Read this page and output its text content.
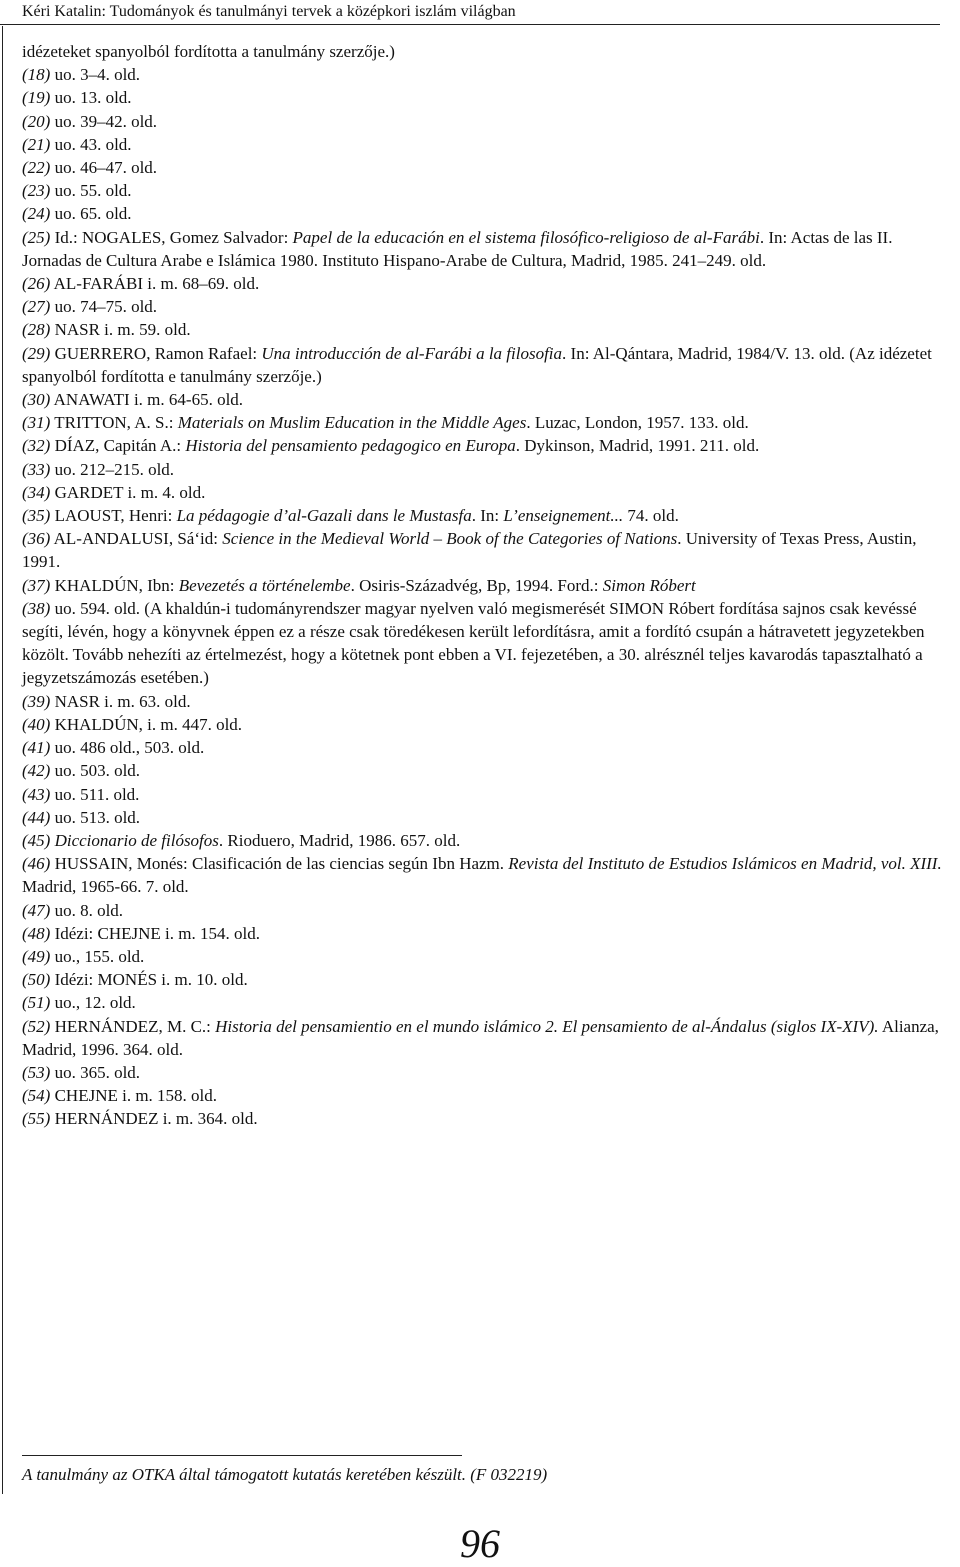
Kéri Katalin: Tudományok és tanulmányi tervek a középkori iszlám világban

idézeteket spanyolból fordította a tanulmány szerzője.)

(18) uo. 3–4. old.

(19) uo. 13. old.

(20) uo. 39–42. old.

(21) uo. 43. old.

(22) uo. 46–47. old.

(23) uo. 55. old.

(24) uo. 65. old.

(25) Id.: NOGALES, Gomez Salvador: Papel de la educación en el sistema filosófico-religioso de al-Farábi. In: Actas de las II. Jornadas de Cultura Arabe e Islámica 1980. Instituto Hispano-Arabe de Cultura, Madrid, 1985. 241–249. old.

(26) AL-FARÁBI i. m. 68–69. old.

(27) uo. 74–75. old.

(28) NASR i. m. 59. old.

(29) GUERRERO, Ramon Rafael: Una introducción de al-Farábi a la filosofia. In: Al-Qántara, Madrid, 1984/V. 13. old. (Az idézetet spanyolból fordította e tanulmány szerzője.)

(30) ANAWATI i. m. 64-65. old.

(31) TRITTON, A. S.: Materials on Muslim Education in the Middle Ages. Luzac, London, 1957. 133. old.

(32) DÍAZ, Capitán A.: Historia del pensamiento pedagogico en Europa. Dykinson, Madrid, 1991. 211. old.

(33) uo. 212–215. old.

(34) GARDET i. m. 4. old.

(35) LAOUST, Henri: La pédagogie d’al-Gazali dans le Mustasfa. In: L’enseignement... 74. old.

(36) AL-ANDALUSI, Sá‘id: Science in the Medieval World – Book of the Categories of Nations. University of Texas Press, Austin, 1991.

(37) KHALDÚN, Ibn: Bevezetés a történelembe. Osiris-Századvég, Bp, 1994. Ford.: Simon Róbert

(38) uo. 594. old. (A khaldún-i tudományrendszer magyar nyelven való megismerését SIMON Róbert fordítása sajnos csak kevéssé segíti, lévén, hogy a könyvnek éppen ez a része csak töredékesen került lefordításra, amit a fordító csupán a hátravetett jegyzetekben közölt. Tovább nehezíti az értelmezést, hogy a kötetnek pont ebben a VI. fejezetében, a 30. alrésznél teljes kavarodás tapasztalható a jegyzetszámozás esetében.)

(39) NASR i. m. 63. old.

(40) KHALDÚN, i. m. 447. old.

(41) uo. 486 old., 503. old.

(42) uo. 503. old.

(43) uo. 511. old.

(44) uo. 513. old.

(45) Diccionario de filósofos. Rioduero, Madrid, 1986. 657. old.

(46) HUSSAIN, Monés: Clasificación de las ciencias según Ibn Hazm. Revista del Instituto de Estudios Islámicos en Madrid, vol. XIII. Madrid, 1965-66. 7. old.

(47) uo. 8. old.

(48) Idézi: CHEJNE i. m. 154. old.

(49) uo., 155. old.

(50) Idézi: MONÉS i. m. 10. old.

(51) uo., 12. old.

(52) HERNÁNDEZ, M. C.: Historia del pensamientio en el mundo islámico 2. El pensamiento de al-Ándalus (siglos IX-XIV). Alianza, Madrid, 1996. 364. old.

(53) uo. 365. old.

(54) CHEJNE i. m. 158. old.

(55) HERNÁNDEZ i. m. 364. old.

A tanulmány az OTKA által támogatott kutatás keretében készült. (F 032219)
96
